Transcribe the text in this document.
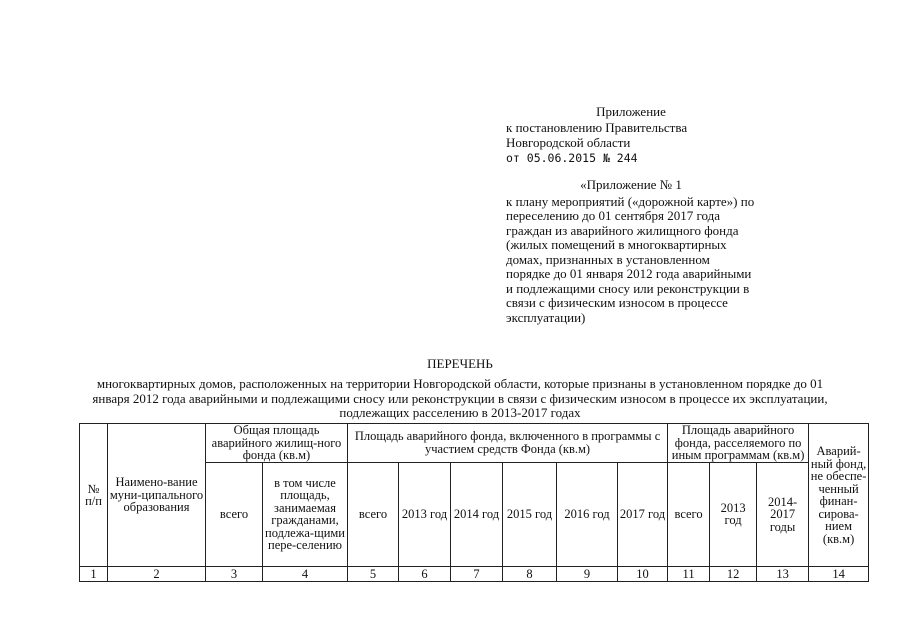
Приложение
к постановлению Правительства
Новгородской области
от 05.06.2015 № 244
«Приложение № 1
к плану мероприятий («дорожной карте») по переселению до 01 сентября 2017 года граждан из аварийного жилищного фонда (жилых помещений в многоквартирных домах, признанных в установленном порядке до 01 января 2012 года аварийными и подлежащими сносу или реконструкции в связи с физическим износом в процессе эксплуатации)
ПЕРЕЧЕНЬ
многоквартирных домов, расположенных на территории Новгородской области, которые признаны в установленном порядке до 01 января 2012 года аварийными и подлежащими сносу или реконструкции в связи с физическим износом в процессе их эксплуатации, подлежащих расселению в 2013-2017 годах
№ п/п	Наимено-вание муни-ципального образования	Общая площадь аварийного жилищ-ного фонда (кв.м)		Площадь аварийного фонда, включенного в программы с участием средств Фонда (кв.м)						Площадь аварийного фонда, расселяемого по иным программам (кв.м)			Аварий-ный фонд, не обеспе-ченный финан-сирова-нием (кв.м)
		всего	в том числе площадь, занимаемая гражданами, подлежа-щими пере-селению	всего	2013 год	2014 год	2015 год	2016 год	2017 год	всего	2013 год	2014-2017 годы	
1	2	3	4	5	6	7	8	9	10	11	12	13	14
